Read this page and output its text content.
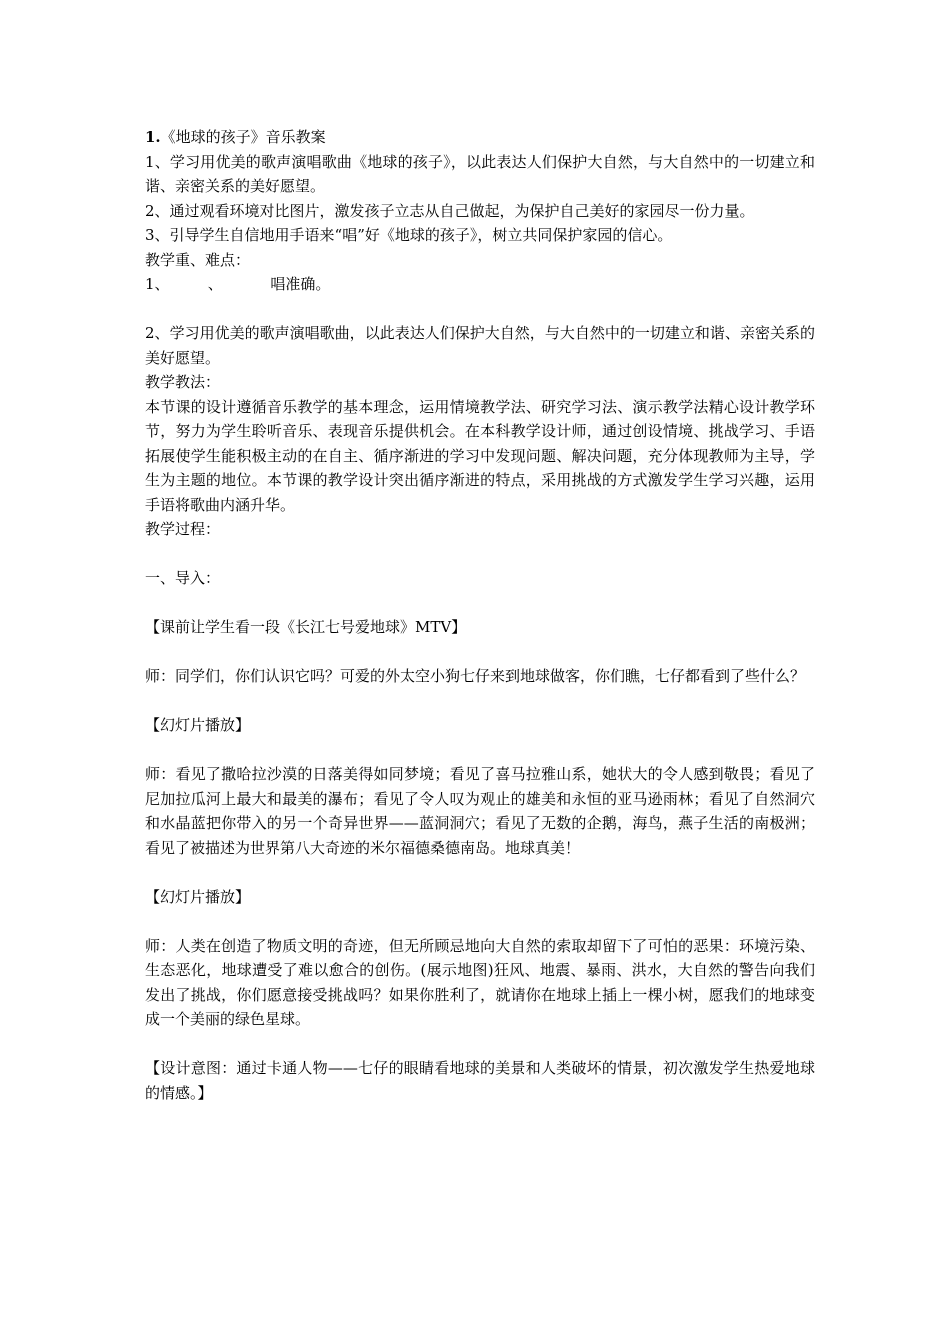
1.《地球的孩子》音乐教案
1、学习用优美的歌声演唱歌曲《地球的孩子》，以此表达人们保护大自然，与大自然中的一切建立和谐、亲密关系的美好愿望。
2、通过观看环境对比图片，激发孩子立志从自己做起，为保护自己美好的家园尽一份力量。
3、引导学生自信地用手语来“唱”好《地球的孩子》，树立共同保护家园的信心。
教学重、难点：
1、        、          唱准确。
2、学习用优美的歌声演唱歌曲，以此表达人们保护大自然，与大自然中的一切建立和谐、亲密关系的美好愿望。
教学教法：
本节课的设计遵循音乐教学的基本理念，运用情境教学法、研究学习法、演示教学法精心设计教学环节，努力为学生聆听音乐、表现音乐提供机会。在本科教学设计师，通过创设情境、挑战学习、手语拓展使学生能积极主动的在自主、循序渐进的学习中发现问题、解决问题，充分体现教师为主导，学生为主题的地位。本节课的教学设计突出循序渐进的特点，采用挑战的方式激发学生学习兴趣，运用手语将歌曲内涵升华。
教学过程：
一、导入：
【课前让学生看一段《长江七号爱地球》MTV】
师：同学们，你们认识它吗？可爱的外太空小狗七仔来到地球做客，你们瞧，七仔都看到了些什么？
【幻灯片播放】
师：看见了撒哈拉沙漠的日落美得如同梦境；看见了喜马拉雅山系，她状大的令人感到敬畏；看见了尼加拉瓜河上最大和最美的瀑布；看见了令人叹为观止的雄美和永恒的亚马逊雨林；看见了自然洞穴和水晶蓝把你带入的另一个奇异世界——蓝洞洞穴；看见了无数的企鹅，海鸟，燕子生活的南极洲；看见了被描述为世界第八大奇迹的米尔福德桑德南岛。地球真美！
【幻灯片播放】
师：人类在创造了物质文明的奇迹，但无所顾忌地向大自然的索取却留下了可怕的恶果：环境污染、生态恶化，地球遭受了难以愈合的创伤。(展示地图)狂风、地震、暴雨、洪水，大自然的警告向我们发出了挑战，你们愿意接受挑战吗？如果你胜利了，就请你在地球上插上一棵小树，愿我们的地球变成一个美丽的绿色星球。
【设计意图：通过卡通人物——七仔的眼睛看地球的美景和人类破坏的情景，初次激发学生热爱地球的情感。】
